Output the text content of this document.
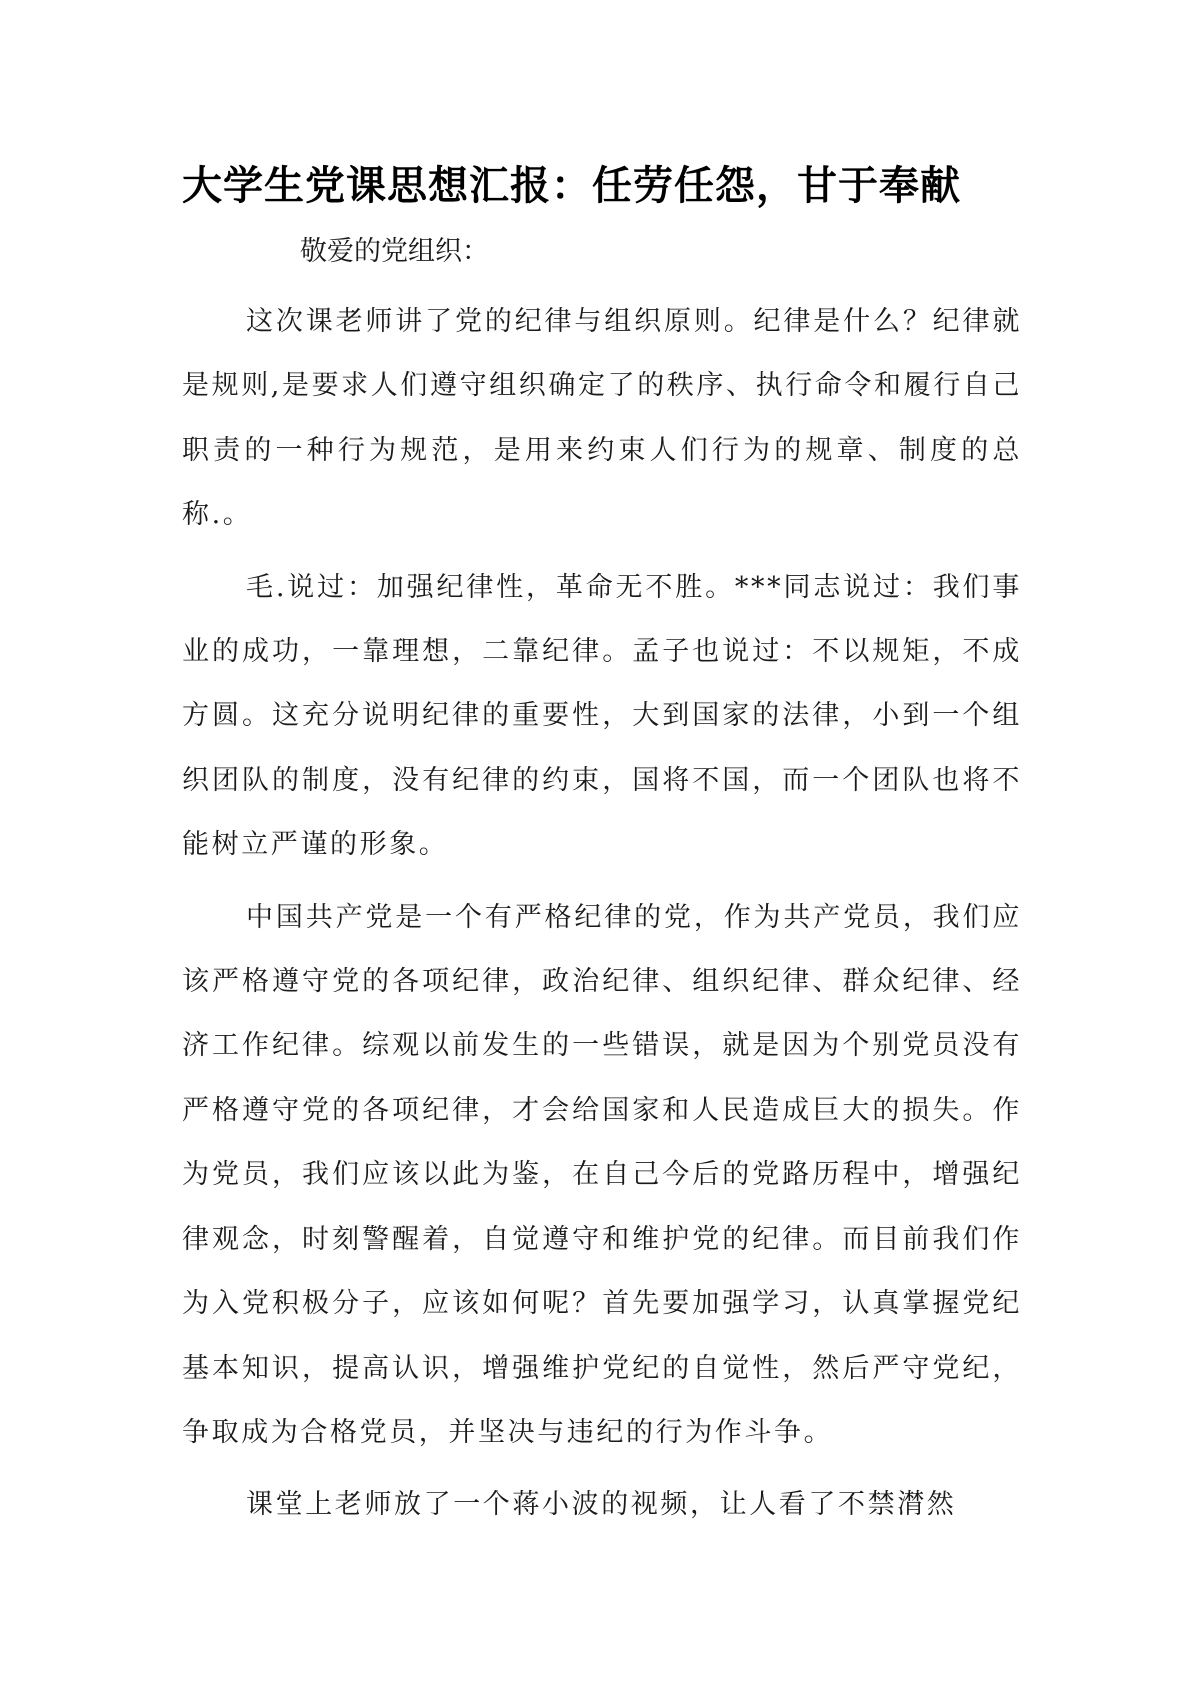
大学生党课思想汇报：任劳任怨，甘于奉献

敬爱的党组织：

这次课老师讲了党的纪律与组织原则。纪律是什么？纪律就是规则,是要求人们遵守组织确定了的秩序、执行命令和履行自己职责的一种行为规范，是用来约束人们行为的规章、制度的总称.。

毛.说过：加强纪律性，革命无不胜。***同志说过：我们事业的成功，一靠理想，二靠纪律。孟子也说过：不以规矩，不成方圆。这充分说明纪律的重要性，大到国家的法律，小到一个组织团队的制度，没有纪律的约束，国将不国，而一个团队也将不能树立严谨的形象。

中国共产党是一个有严格纪律的党，作为共产党员，我们应该严格遵守党的各项纪律，政治纪律、组织纪律、群众纪律、经济工作纪律。综观以前发生的一些错误，就是因为个别党员没有严格遵守党的各项纪律，才会给国家和人民造成巨大的损失。作为党员，我们应该以此为鉴，在自己今后的党路历程中，增强纪律观念，时刻警醒着，自觉遵守和维护党的纪律。而目前我们作为入党积极分子，应该如何呢？首先要加强学习，认真掌握党纪基本知识，提高认识，增强维护党纪的自觉性，然后严守党纪，争取成为合格党员，并坚决与违纪的行为作斗争。

课堂上老师放了一个蒋小波的视频，让人看了不禁潸然
